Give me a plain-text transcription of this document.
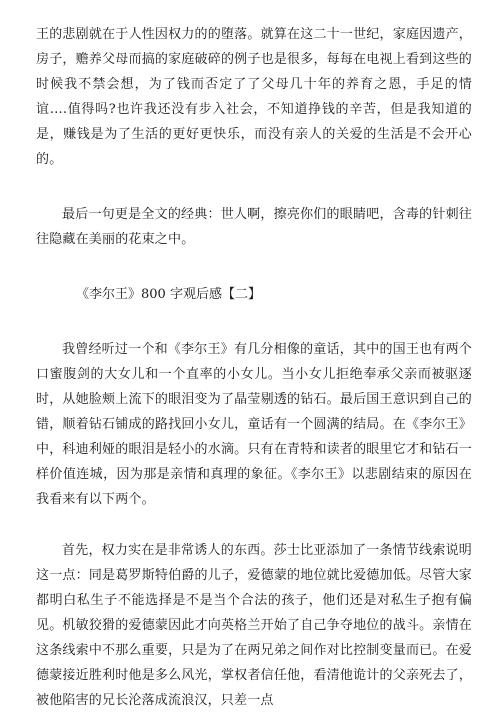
王的悲剧就在于人性因权力的的堕落。就算在这二十一世纪，家庭因遗产，房子，赡养父母而搞的家庭破碎的例子也是很多，每每在电视上看到这些的时候我不禁会想，为了钱而否定了了父母几十年的养育之恩，手足的情谊….值得吗?也许我还没有步入社会，不知道挣钱的辛苦，但是我知道的是，赚钱是为了生活的更好更快乐，而没有亲人的关爱的生活是不会开心的。

最后一句更是全文的经典：世人啊，擦亮你们的眼睛吧，含毒的针刺往往隐藏在美丽的花束之中。

《李尔王》800 字观后感【二】

我曾经听过一个和《李尔王》有几分相像的童话，其中的国王也有两个口蜜腹剑的大女儿和一个直率的小女儿。当小女儿拒绝奉承父亲而被驱逐时，从她脸颊上流下的眼泪变为了晶莹剔透的钻石。最后国王意识到自己的错，顺着钻石铺成的路找回小女儿，童话有一个圆满的结局。在《李尔王》中，科迪利娅的眼泪是轻小的水滴。只有在青特和读者的眼里它才和钻石一样价值连城，因为那是亲情和真理的象征。《李尔王》以悲剧结束的原因在我看来有以下两个。

首先，权力实在是非常诱人的东西。莎士比亚添加了一条情节线索说明这一点：同是葛罗斯特伯爵的儿子，爱德蒙的地位就比爱德加低。尽管大家都明白私生子不能选择是不是当个合法的孩子，他们还是对私生子抱有偏见。机敏狡猾的爱德蒙因此才向英格兰开始了自己争夺地位的战斗。亲情在这条线索中不那么重要，只是为了在两兄弟之间作对比控制变量而已。在爱德蒙接近胜利时他是多么风光，掌权者信任他，看清他诡计的父亲死去了，被他陷害的兄长沦落成流浪汉，只差一点
